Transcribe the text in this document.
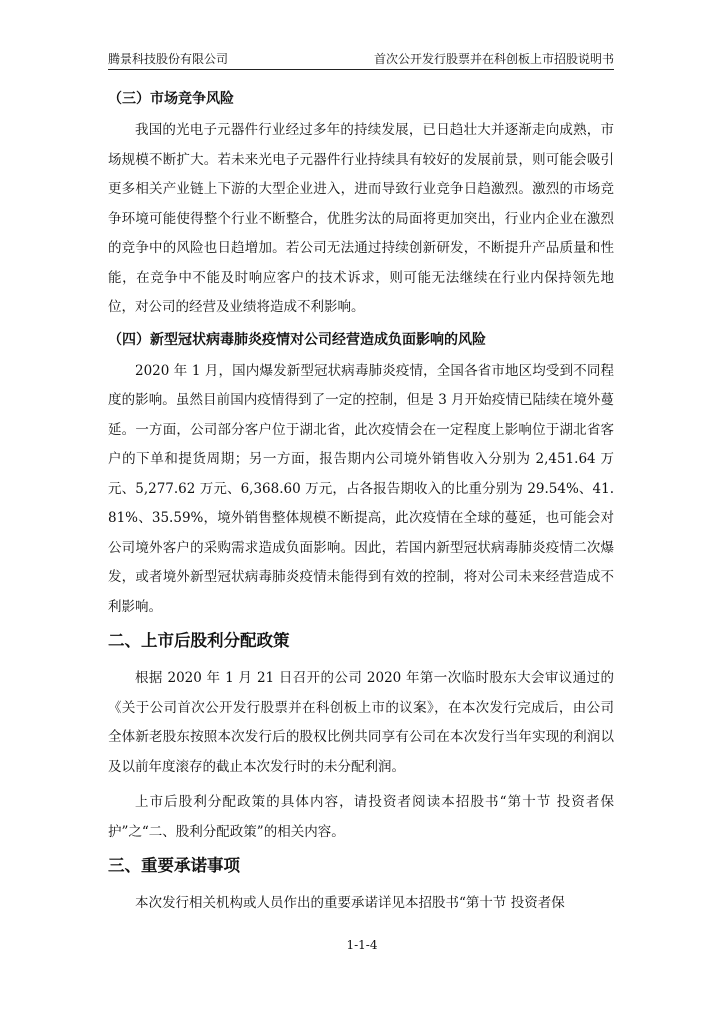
腾景科技股份有限公司	首次公开发行股票并在科创板上市招股说明书
（三）市场竞争风险

我国的光电子元器件行业经过多年的持续发展，已日趋壮大并逐渐走向成熟，市场规模不断扩大。若未来光电子元器件行业持续具有较好的发展前景，则可能会吸引更多相关产业链上下游的大型企业进入，进而导致行业竞争日趋激烈。激烈的市场竞争环境可能使得整个行业不断整合，优胜劣汰的局面将更加突出，行业内企业在激烈的竞争中的风险也日趋增加。若公司无法通过持续创新研发，不断提升产品质量和性能，在竞争中不能及时响应客户的技术诉求，则可能无法继续在行业内保持领先地位，对公司的经营及业绩将造成不利影响。

（四）新型冠状病毒肺炎疫情对公司经营造成负面影响的风险

2020 年 1 月，国内爆发新型冠状病毒肺炎疫情，全国各省市地区均受到不同程度的影响。虽然目前国内疫情得到了一定的控制，但是 3 月开始疫情已陆续在境外蔓延。一方面，公司部分客户位于湖北省，此次疫情会在一定程度上影响位于湖北省客户的下单和提货周期；另一方面，报告期内公司境外销售收入分别为 2,451.64 万元、5,277.62 万元、6,368.60 万元，占各报告期收入的比重分别为 29.54%、41.81%、35.59%，境外销售整体规模不断提高，此次疫情在全球的蔓延，也可能会对公司境外客户的采购需求造成负面影响。因此，若国内新型冠状病毒肺炎疫情二次爆发，或者境外新型冠状病毒肺炎疫情未能得到有效的控制，将对公司未来经营造成不利影响。

二、上市后股利分配政策

根据 2020 年 1 月 21 日召开的公司 2020 年第一次临时股东大会审议通过的《关于公司首次公开发行股票并在科创板上市的议案》，在本次发行完成后，由公司全体新老股东按照本次发行后的股权比例共同享有公司在本次发行当年实现的利润以及以前年度滚存的截止本次发行时的未分配利润。

上市后股利分配政策的具体内容，请投资者阅读本招股书“第十节 投资者保护”之“二、股利分配政策”的相关内容。

三、重要承诺事项

本次发行相关机构或人员作出的重要承诺详见本招股书“第十节 投资者保

1-1-4
